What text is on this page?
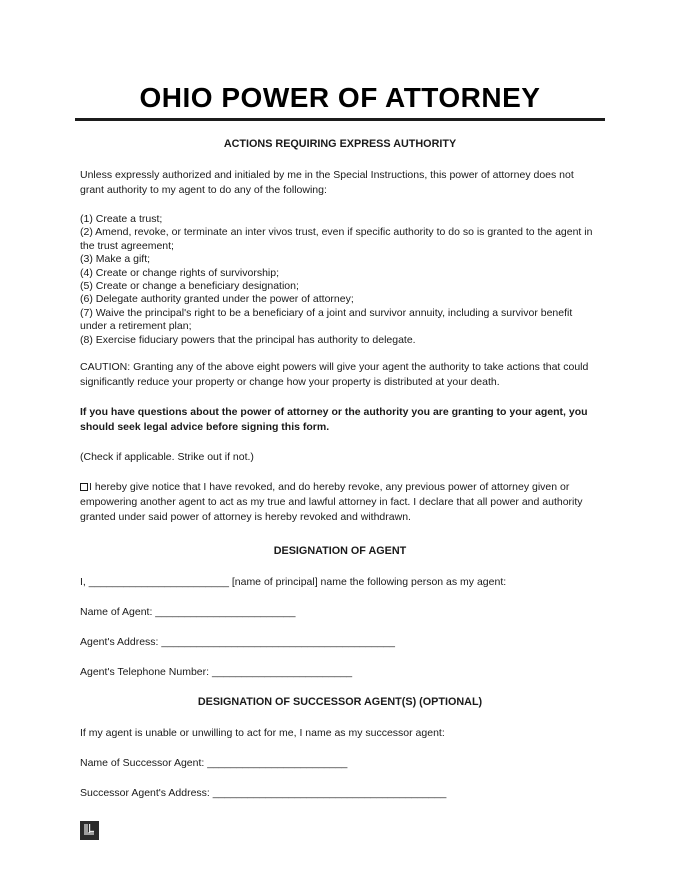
OHIO POWER OF ATTORNEY
ACTIONS REQUIRING EXPRESS AUTHORITY

Unless expressly authorized and initialed by me in the Special Instructions, this power of attorney does not grant authority to my agent to do any of the following:

(1) Create a trust;
(2) Amend, revoke, or terminate an inter vivos trust, even if specific authority to do so is granted to the agent in the trust agreement;
(3) Make a gift;
(4) Create or change rights of survivorship;
(5) Create or change a beneficiary designation;
(6) Delegate authority granted under the power of attorney;
(7) Waive the principal's right to be a beneficiary of a joint and survivor annuity, including a survivor benefit under a retirement plan;
(8) Exercise fiduciary powers that the principal has authority to delegate.

CAUTION: Granting any of the above eight powers will give your agent the authority to take actions that could significantly reduce your property or change how your property is distributed at your death.

If you have questions about the power of attorney or the authority you are granting to your agent, you should seek legal advice before signing this form.

(Check if applicable. Strike out if not.)

I hereby give notice that I have revoked, and do hereby revoke, any previous power of attorney given or empowering another agent to act as my true and lawful attorney in fact. I declare that all power and authority granted under said power of attorney is hereby revoked and withdrawn.

DESIGNATION OF AGENT

I, ________________________ [name of principal] name the following person as my agent:

Name of Agent: ________________________

Agent's Address: ________________________________________

Agent's Telephone Number: ________________________

DESIGNATION OF SUCCESSOR AGENT(S) (OPTIONAL)

If my agent is unable or unwilling to act for me, I name as my successor agent:

Name of Successor Agent: ________________________

Successor Agent's Address: ________________________________________
